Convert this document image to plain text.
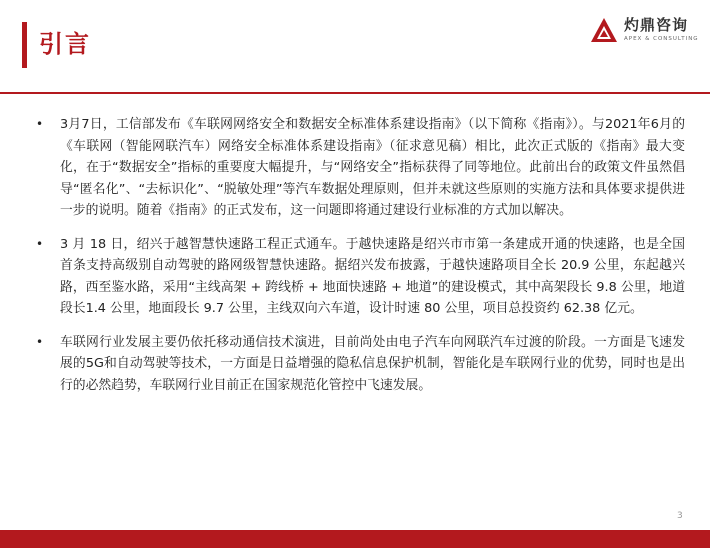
引言
灼鼎咨询
APEX & CONSULTING
• 3月7日，工信部发布《车联网网络安全和数据安全标准体系建设指南》（以下简称《指南》）。与2021年6月的《车联网（智能网联汽车）网络安全标准体系建设指南》（征求意见稿）相比，此次正式版的《指南》最大变化，在于“数据安全”指标的重要度大幅提升，与“网络安全”指标获得了同等地位。此前出台的政策文件虽然倡导“匿名化”、“去标识化”、“脱敏处理”等汽车数据处理原则，但并未就这些原则的实施方法和具体要求提供进一步的说明。随着《指南》的正式发布，这一问题即将通过建设行业标准的方式加以解决。
• 3 月 18 日，绍兴于越智慧快速路工程正式通车。于越快速路是绍兴市市第一条建成开通的快速路，也是全国首条支持高级别自动驾驶的路网级智慧快速路。据绍兴发布披露，于越快速路项目全长 20.9 公里，东起越兴路，西至鉴水路，采用“主线高架 + 跨线桥 + 地面快速路 + 地道”的建设模式，其中高架段长 9.8 公里，地道段长1.4 公里，地面段长 9.7 公里，主线双向六车道，设计时速 80 公里，项目总投资约 62.38 亿元。
• 车联网行业发展主要仍依托移动通信技术演进，目前尚处由电子汽车向网联汽车过渡的阶段。一方面是飞速发展的5G和自动驾驶等技术，一方面是日益增强的隐私信息保护机制，智能化是车联网行业的优势，同时也是出行的必然趋势，车联网行业目前正在国家规范化管控中飞速发展。
3
